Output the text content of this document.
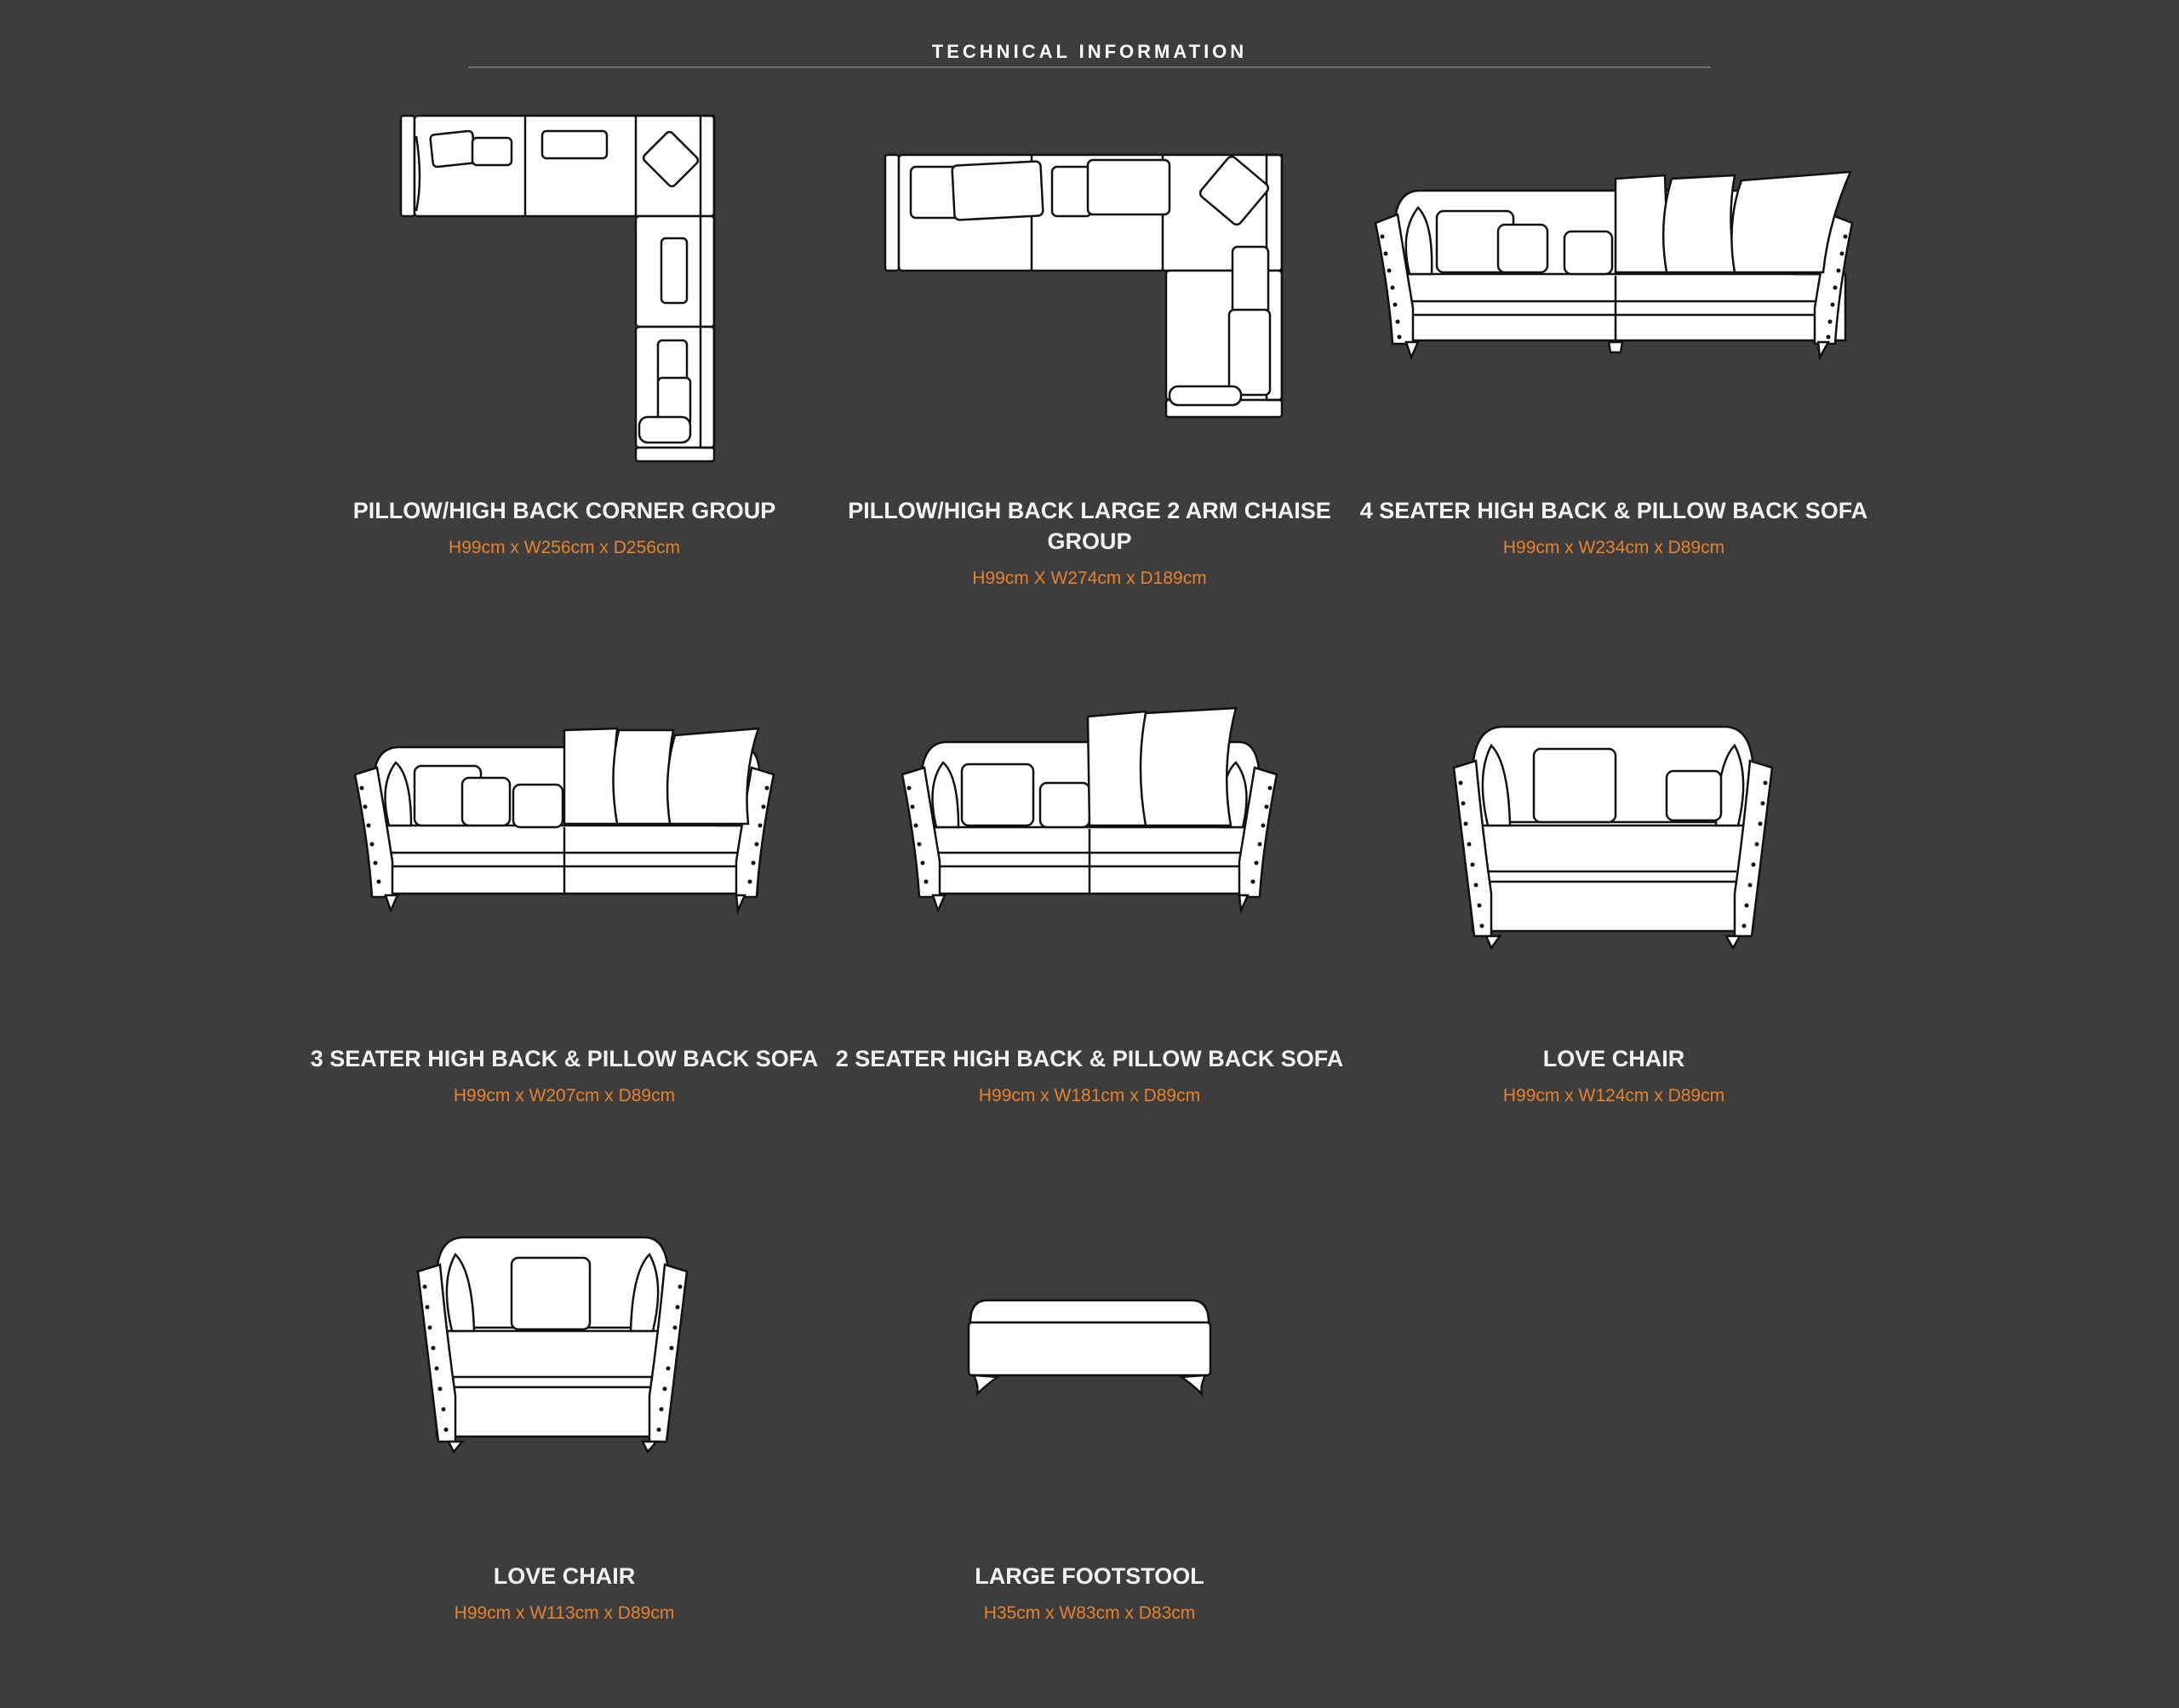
TECHNICAL INFORMATION
PILLOW/HIGH BACK CORNER GROUP
H99cm x W256cm x D256cm
PILLOW/HIGH BACK LARGE 2 ARM CHAISE GROUP
H99cm X W274cm x D189cm
4 SEATER HIGH BACK & PILLOW BACK SOFA
H99cm x W234cm x D89cm
3 SEATER HIGH BACK & PILLOW BACK SOFA
H99cm x W207cm x D89cm
2 SEATER HIGH BACK & PILLOW BACK SOFA
H99cm x W181cm x D89cm
LOVE CHAIR
H99cm x W124cm x D89cm
LOVE CHAIR
H99cm x W113cm x D89cm
LARGE FOOTSTOOL
H35cm x W83cm x D83cm
